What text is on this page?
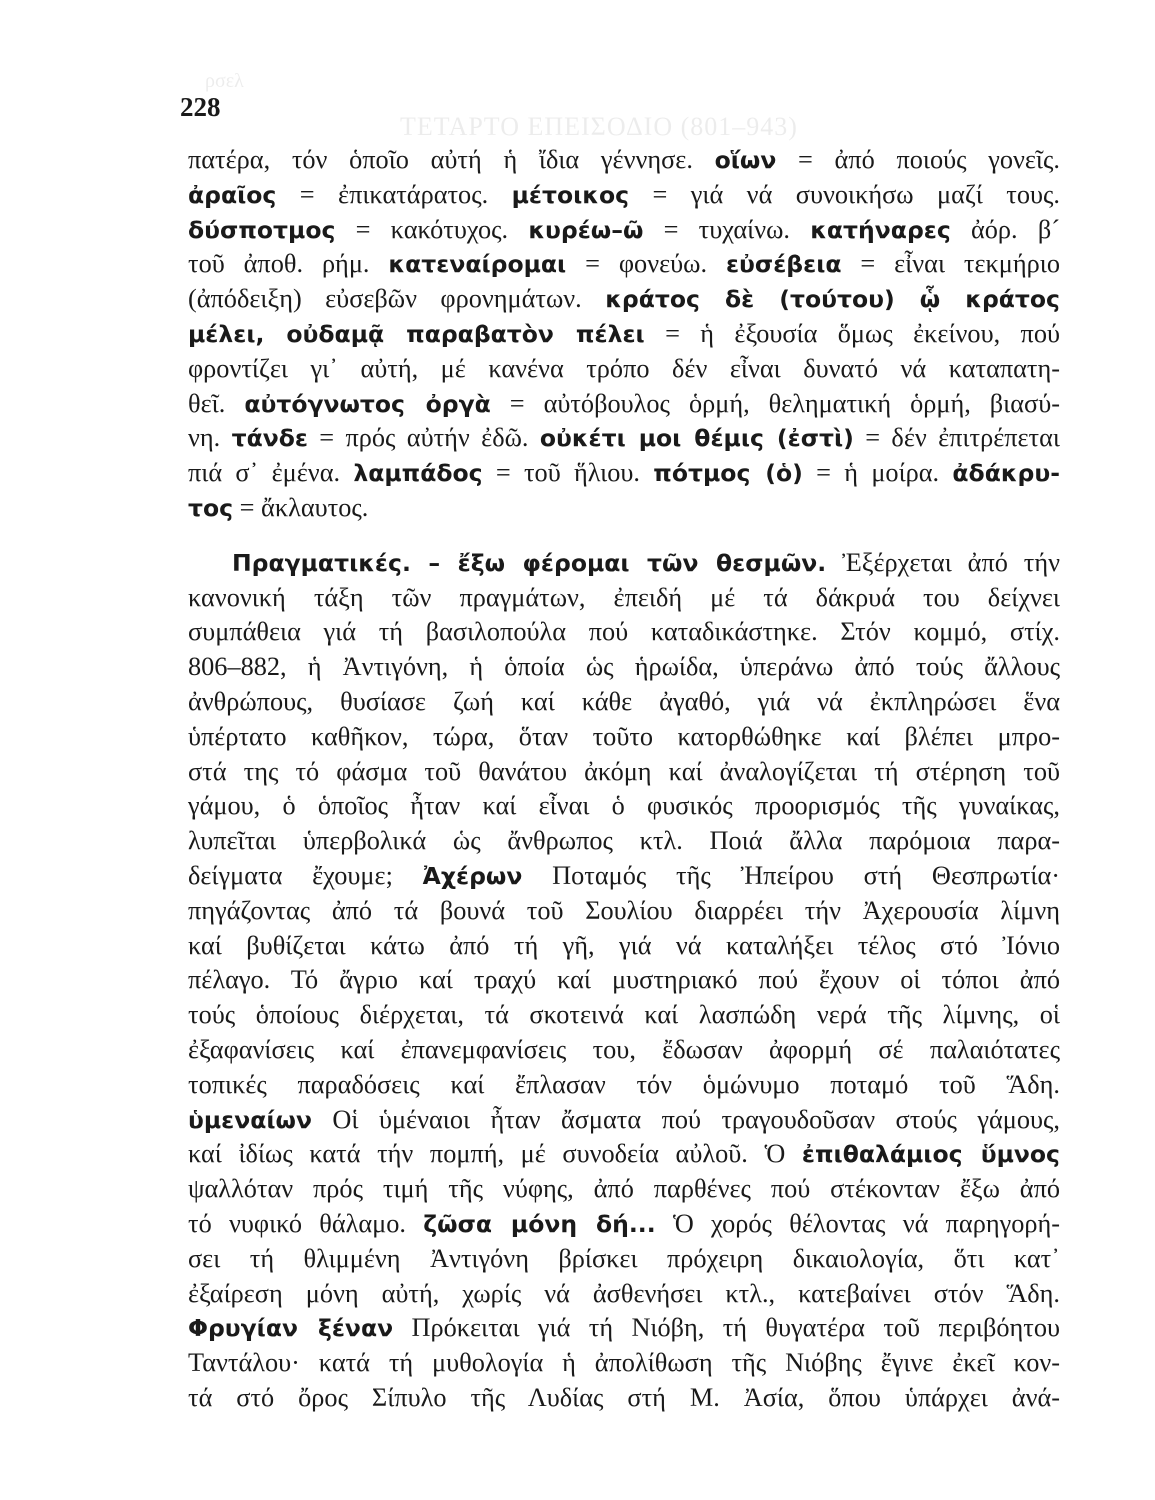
ρσελ
ΤΕΤΑΡΤΟ ΕΠΕΙΣΟΔΙΟ (801–943)
228
πατέρα, τόν ὁποῖο αὐτή ἡ ἴδια γέννησε. οἵων = ἀπό ποιούς γονεῖς.
ἀραῖος = ἐπικατάρατος. μέτοικος = γιά νά συνοικήσω μαζί τους.
δύσποτμος = κακότυχος. κυρέω–ῶ = τυχαίνω. κατήναρες ἀόρ. β´
τοῦ ἀποθ. ρήμ. κατεναίρομαι = φονεύω. εὐσέβεια = εἶναι τεκμήριο
(ἀπόδειξη) εὐσεβῶν φρονημάτων. κράτος δὲ (τούτου) ᾧ κράτος
μέλει, οὐδαμᾷ παραβατὸν πέλει = ἡ ἐξουσία ὅμως ἐκείνου, πού
φροντίζει γι᾽ αὐτή, μέ κανένα τρόπο δέν εἶναι δυνατό νά καταπατη-
θεῖ. αὐτόγνωτος ὀργὰ = αὐτόβουλος ὁρμή, θεληματική ὁρμή, βιασύ-
νη. τάνδε = πρός αὐτήν ἐδῶ. οὐκέτι μοι θέμις (ἐστὶ) = δέν ἐπιτρέπεται
πιά σ᾽ ἐμένα. λαμπάδος = τοῦ ἥλιου. πότμος (ὁ) = ἡ μοίρα. ἀδάκρυ-
τος = ἄκλαυτος.
Πραγματικές. – ἔξω φέρομαι τῶν θεσμῶν. Ἐξέρχεται ἀπό τήν
κανονική τάξη τῶν πραγμάτων, ἐπειδή μέ τά δάκρυά του δείχνει
συμπάθεια γιά τή βασιλοπούλα πού καταδικάστηκε. Στόν κομμό, στίχ.
806–882, ἡ Ἀντιγόνη, ἡ ὁποία ὡς ἡρωίδα, ὑπεράνω ἀπό τούς ἄλλους
ἀνθρώπους, θυσίασε ζωή καί κάθε ἀγαθό, γιά νά ἐκπληρώσει ἕνα
ὑπέρτατο καθῆκον, τώρα, ὅταν τοῦτο κατορθώθηκε καί βλέπει μπρο-
στά της τό φάσμα τοῦ θανάτου ἀκόμη καί ἀναλογίζεται τή στέρηση τοῦ
γάμου, ὁ ὁποῖος ἦταν καί εἶναι ὁ φυσικός προορισμός τῆς γυναίκας,
λυπεῖται ὑπερβολικά ὡς ἄνθρωπος κτλ. Ποιά ἄλλα παρόμοια παρα-
δείγματα ἔχουμε; Ἀχέρων Ποταμός τῆς Ἠπείρου στή Θεσπρωτία·
πηγάζοντας ἀπό τά βουνά τοῦ Σουλίου διαρρέει τήν Ἀχερουσία λίμνη
καί βυθίζεται κάτω ἀπό τή γῆ, γιά νά καταλήξει τέλος στό Ἰόνιο
πέλαγο. Τό ἄγριο καί τραχύ καί μυστηριακό πού ἔχουν οἱ τόποι ἀπό
τούς ὁποίους διέρχεται, τά σκοτεινά καί λασπώδη νερά τῆς λίμνης, οἱ
ἐξαφανίσεις καί ἐπανεμφανίσεις του, ἔδωσαν ἀφορμή σέ παλαιότατες
τοπικές παραδόσεις καί ἔπλασαν τόν ὁμώνυμο ποταμό τοῦ Ἅδη.
ὑμεναίων Οἱ ὑμέναιοι ἦταν ἄσματα πού τραγουδοῦσαν στούς γάμους,
καί ἰδίως κατά τήν πομπή, μέ συνοδεία αὐλοῦ. Ὁ ἐπιθαλάμιος ὕμνος
ψαλλόταν πρός τιμή τῆς νύφης, ἀπό παρθένες πού στέκονταν ἔξω ἀπό
τό νυφικό θάλαμο. ζῶσα μόνη δή... Ὁ χορός θέλοντας νά παρηγορή-
σει τή θλιμμένη Ἀντιγόνη βρίσκει πρόχειρη δικαιολογία, ὅτι κατ᾽
ἐξαίρεση μόνη αὐτή, χωρίς νά ἀσθενήσει κτλ., κατεβαίνει στόν Ἅδη.
Φρυγίαν ξέναν Πρόκειται γιά τή Νιόβη, τή θυγατέρα τοῦ περιβόητου
Ταντάλου· κατά τή μυθολογία ἡ ἀπολίθωση τῆς Νιόβης ἔγινε ἐκεῖ κον-
τά στό ὄρος Σίπυλο τῆς Λυδίας στή Μ. Ἀσία, ὅπου ὑπάρχει ἀνά-
